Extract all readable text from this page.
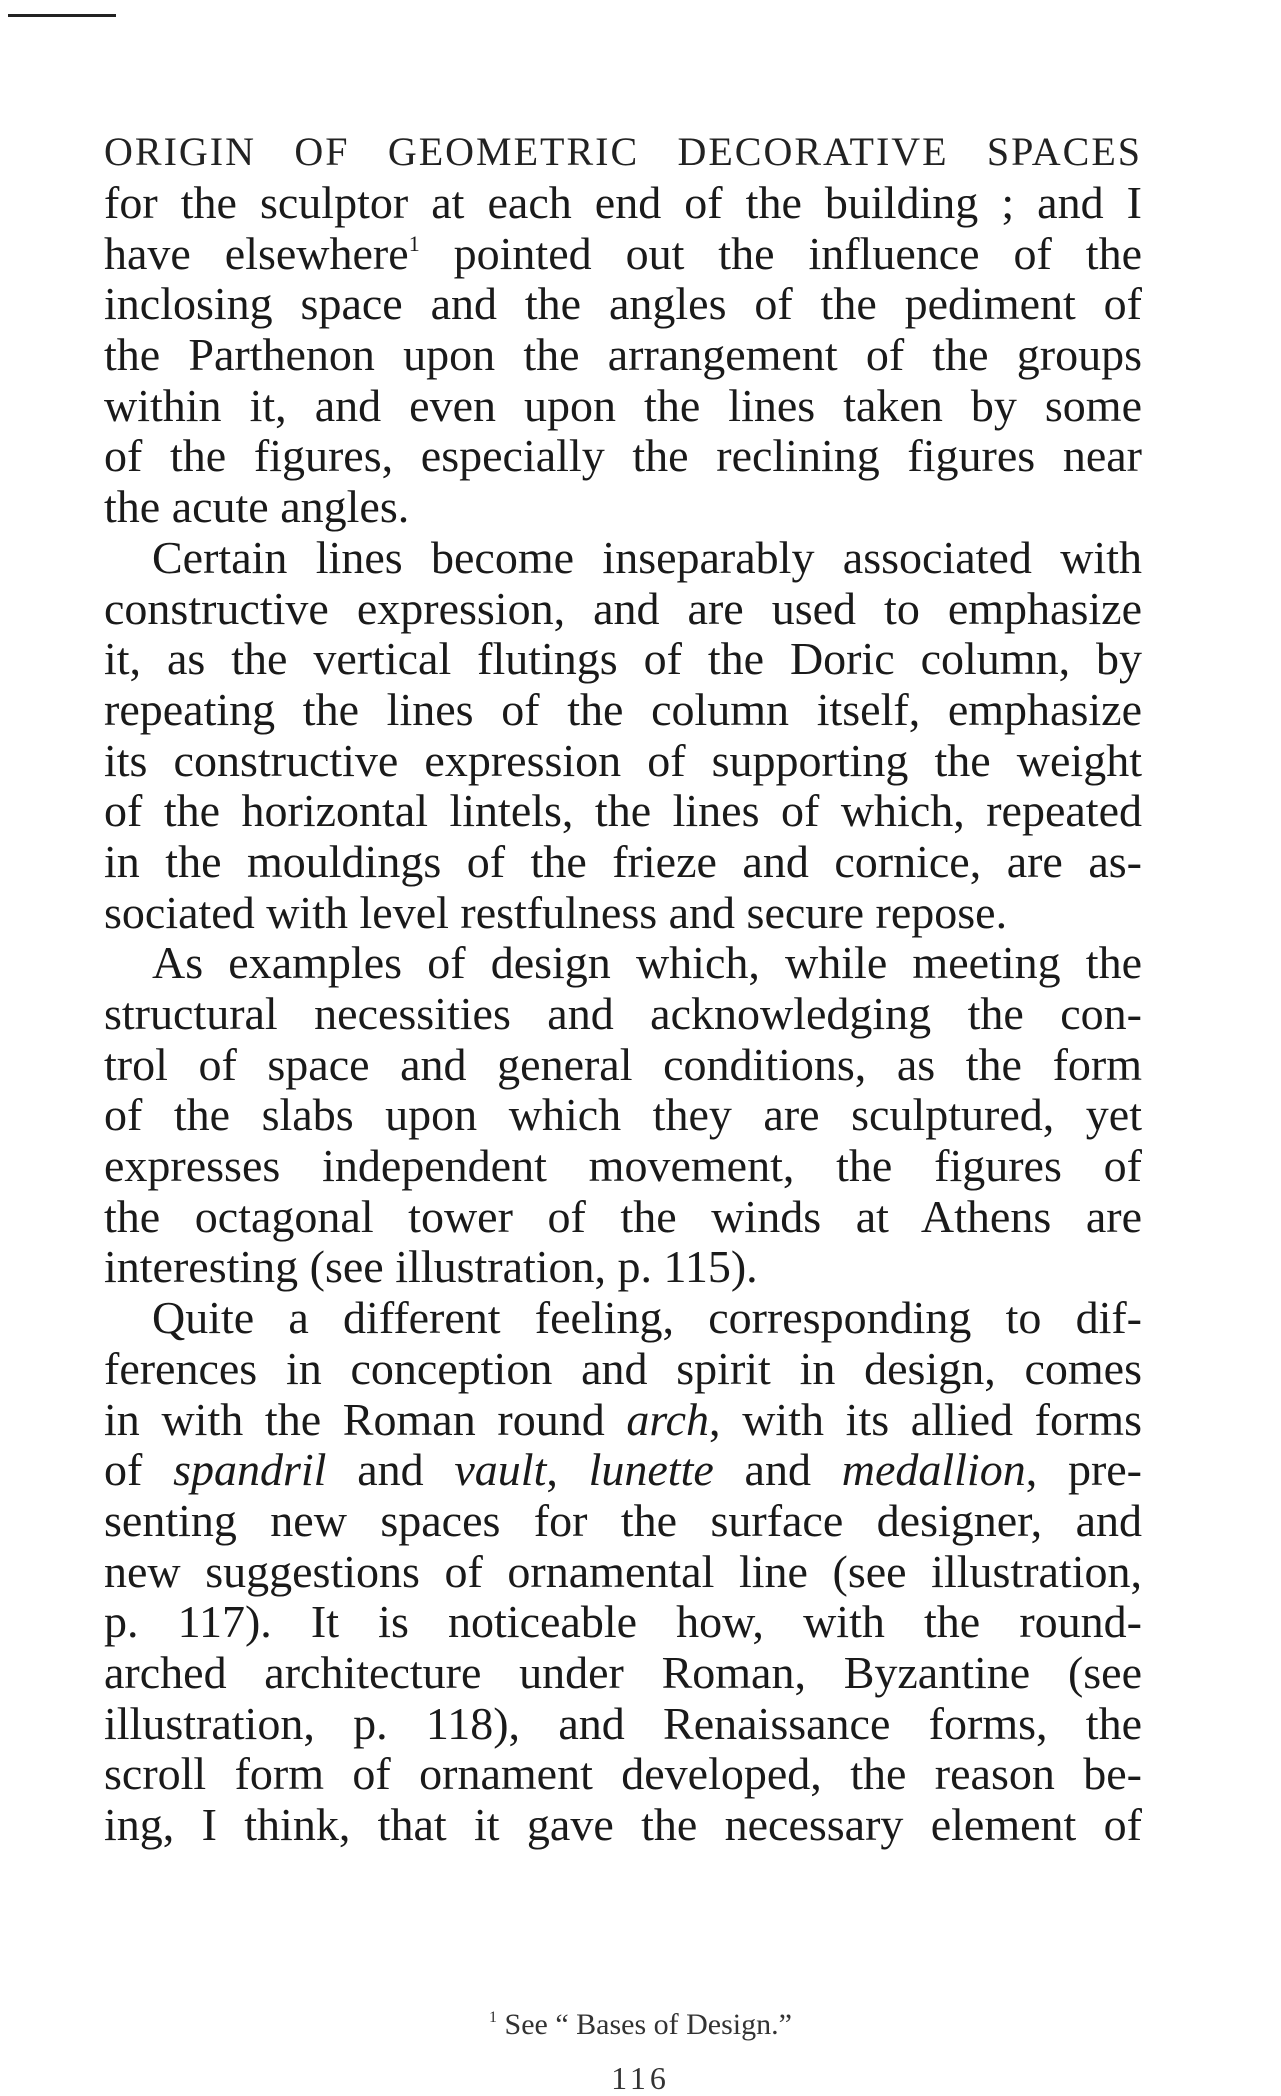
ORIGIN OF GEOMETRIC DECORATIVE SPACES
for the sculptor at each end of the building ; and I
have elsewhere$^1$ pointed out the influence of the
inclosing space and the angles of the pediment of
the Parthenon upon the arrangement of the groups
within it, and even upon the lines taken by some
of the figures, especially the reclining figures near
the acute angles.
Certain lines become inseparably associated with
constructive expression, and are used to emphasize
it, as the vertical flutings of the Doric column, by
repeating the lines of the column itself, emphasize
its constructive expression of supporting the weight
of the horizontal lintels, the lines of which, repeated
in the mouldings of the frieze and cornice, are as-
sociated with level restfulness and secure repose.
As examples of design which, while meeting the
structural necessities and acknowledging the con-
trol of space and general conditions, as the form
of the slabs upon which they are sculptured, yet
expresses independent movement, the figures of
the octagonal tower of the winds at Athens are
interesting (see illustration, p. 115).
Quite a different feeling, corresponding to dif-
ferences in conception and spirit in design, comes
in with the Roman round arch, with its allied forms
of spandril and vault, lunette and medallion, pre-
senting new spaces for the surface designer, and
new suggestions of ornamental line (see illustration,
p. 117). It is noticeable how, with the round-
arched architecture under Roman, Byzantine (see
illustration, p. 118), and Renaissance forms, the
scroll form of ornament developed, the reason be-
ing, I think, that it gave the necessary element of
$^1$ See “ Bases of Design.”
116
